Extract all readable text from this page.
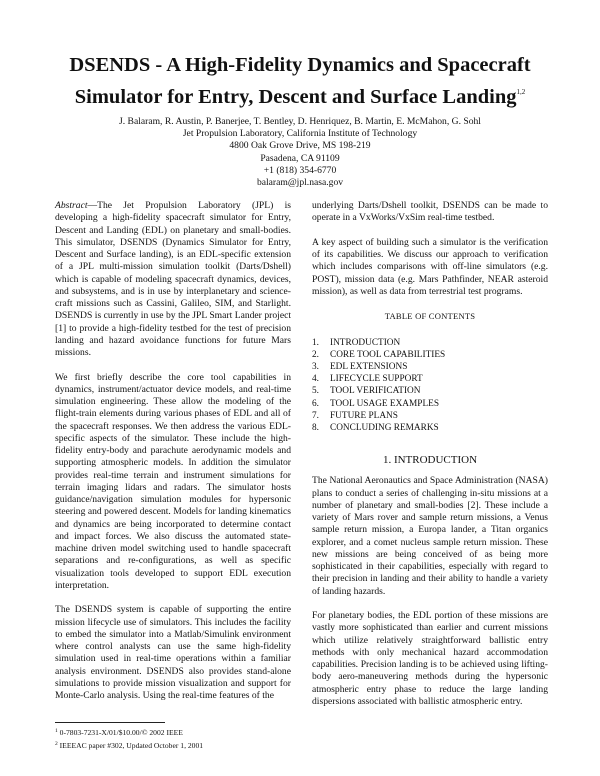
DSENDS - A High-Fidelity Dynamics and Spacecraft
Simulator for Entry, Descent and Surface Landing$^{1,2}$
J. Balaram, R. Austin, P. Banerjee, T. Bentley, D. Henriquez, B. Martin, E. McMahon, G. Sohl
Jet Propulsion Laboratory, California Institute of Technology
4800 Oak Grove Drive, MS 198-219
Pasadena, CA 91109
+1 (818) 354-6770
balaram@jpl.nasa.gov

Abstract—The Jet Propulsion Laboratory (JPL) is developing a high-fidelity spacecraft simulator for Entry, Descent and Landing (EDL) on planetary and small-bodies. This simulator, DSENDS (Dynamics Simulator for Entry, Descent and Surface landing), is an EDL-specific extension of a JPL multi-mission simulation toolkit (Darts/Dshell) which is capable of modeling spacecraft dynamics, devices, and subsystems, and is in use by interplanetary and science-craft missions such as Cassini, Galileo, SIM, and Starlight. DSENDS is currently in use by the JPL Smart Lander project [1] to provide a high-fidelity testbed for the test of precision landing and hazard avoidance functions for future Mars missions.

We first briefly describe the core tool capabilities in dynamics, instrument/actuator device models, and real-time simulation engineering. These allow the modeling of the flight-train elements during various phases of EDL and all of the spacecraft responses. We then address the various EDL-specific aspects of the simulator. These include the high-fidelity entry-body and parachute aerodynamic models and supporting atmospheric models. In addition the simulator provides real-time terrain and instrument simulations for terrain imaging lidars and radars. The simulator hosts guidance/navigation simulation modules for hypersonic steering and powered descent. Models for landing kinematics and dynamics are being incorporated to determine contact and impact forces. We also discuss the automated state-machine driven model switching used to handle spacecraft separations and re-configurations, as well as specific visualization tools developed to support EDL execution interpretation.

The DSENDS system is capable of supporting the entire mission lifecycle use of simulators. This includes the facility to embed the simulator into a Matlab/Simulink environment where control analysts can use the same high-fidelity simulation used in real-time operations within a familiar analysis environment. DSENDS also provides stand-alone simulations to provide mission visualization and support for Monte-Carlo analysis. Using the real-time features of the

underlying Darts/Dshell toolkit, DSENDS can be made to operate in a VxWorks/VxSim real-time testbed.

A key aspect of building such a simulator is the verification of its capabilities. We discuss our approach to verification which includes comparisons with off-line simulators (e.g. POST), mission data (e.g. Mars Pathfinder, NEAR asteroid mission), as well as data from terrestrial test programs.

TABLE OF CONTENTS
1.	INTRODUCTION
2.	CORE TOOL CAPABILITIES
3.	EDL EXTENSIONS
4.	LIFECYCLE SUPPORT
5.	TOOL VERIFICATION
6.	TOOL USAGE EXAMPLES
7.	FUTURE PLANS
8.	CONCLUDING REMARKS
1. INTRODUCTION

The National Aeronautics and Space Administration (NASA) plans to conduct a series of challenging in-situ missions at a number of planetary and small-bodies [2]. These include a variety of Mars rover and sample return missions, a Venus sample return mission, a Europa lander, a Titan organics explorer, and a comet nucleus sample return mission. These new missions are being conceived of as being more sophisticated in their capabilities, especially with regard to their precision in landing and their ability to handle a variety of landing hazards.

For planetary bodies, the EDL portion of these missions are vastly more sophisticated than earlier and current missions which utilize relatively straightforward ballistic entry methods with only mechanical hazard accommodation capabilities. Precision landing is to be achieved using lifting-body aero-maneuvering methods during the hypersonic atmospheric entry phase to reduce the large landing dispersions associated with ballistic atmospheric entry.

$^1$ 0-7803-7231-X/01/$10.00/© 2002 IEEE
$^2$ IEEEAC paper #302, Updated October 1, 2001
